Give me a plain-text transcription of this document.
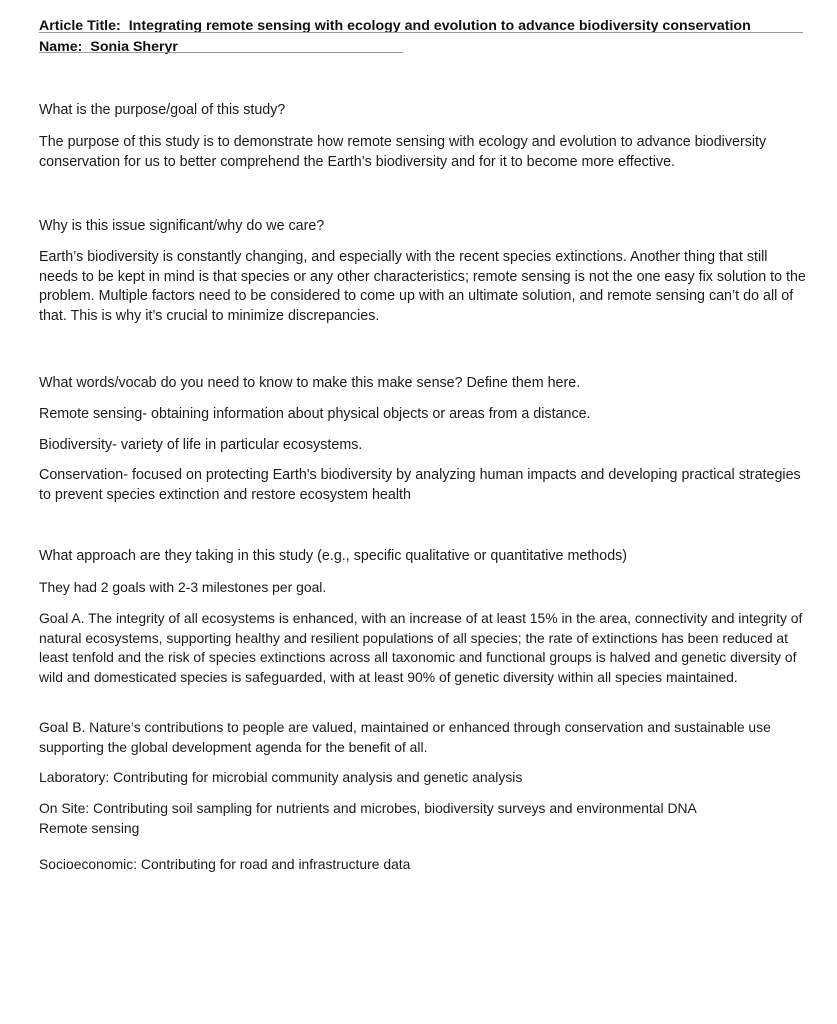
Article Title: Integrating remote sensing with ecology and evolution to advance biodiversity conservation
Name: Sonia Sheryr

What is the purpose/goal of this study?

The purpose of this study is to demonstrate how remote sensing with ecology and evolution to advance biodiversity conservation for us to better comprehend the Earth’s biodiversity and for it to become more effective.

Why is this issue significant/why do we care?

Earth’s biodiversity is constantly changing, and especially with the recent species extinctions. Another thing that still needs to be kept in mind is that species or any other characteristics; remote sensing is not the one easy fix solution to the problem. Multiple factors need to be considered to come up with an ultimate solution, and remote sensing can’t do all of that. This is why it’s crucial to minimize discrepancies.

What words/vocab do you need to know to make this make sense? Define them here.

Remote sensing- obtaining information about physical objects or areas from a distance.

Biodiversity- variety of life in particular ecosystems.

Conservation- focused on protecting Earth's biodiversity by analyzing human impacts and developing practical strategies to prevent species extinction and restore ecosystem health

What approach are they taking in this study (e.g., specific qualitative or quantitative methods)

They had 2 goals with 2-3 milestones per goal.

Goal A. The integrity of all ecosystems is enhanced, with an increase of at least 15% in the area, connectivity and integrity of natural ecosystems, supporting healthy and resilient populations of all species; the rate of extinctions has been reduced at least tenfold and the risk of species extinctions across all taxonomic and functional groups is halved and genetic diversity of wild and domesticated species is safeguarded, with at least 90% of genetic diversity within all species maintained.

Goal B. Nature’s contributions to people are valued, maintained or enhanced through conservation and sustainable use supporting the global development agenda for the benefit of all.

Laboratory: Contributing for microbial community analysis and genetic analysis

On Site: Contributing soil sampling for nutrients and microbes, biodiversity surveys and environmental DNA

Remote sensing

Socioeconomic: Contributing for road and infrastructure data
